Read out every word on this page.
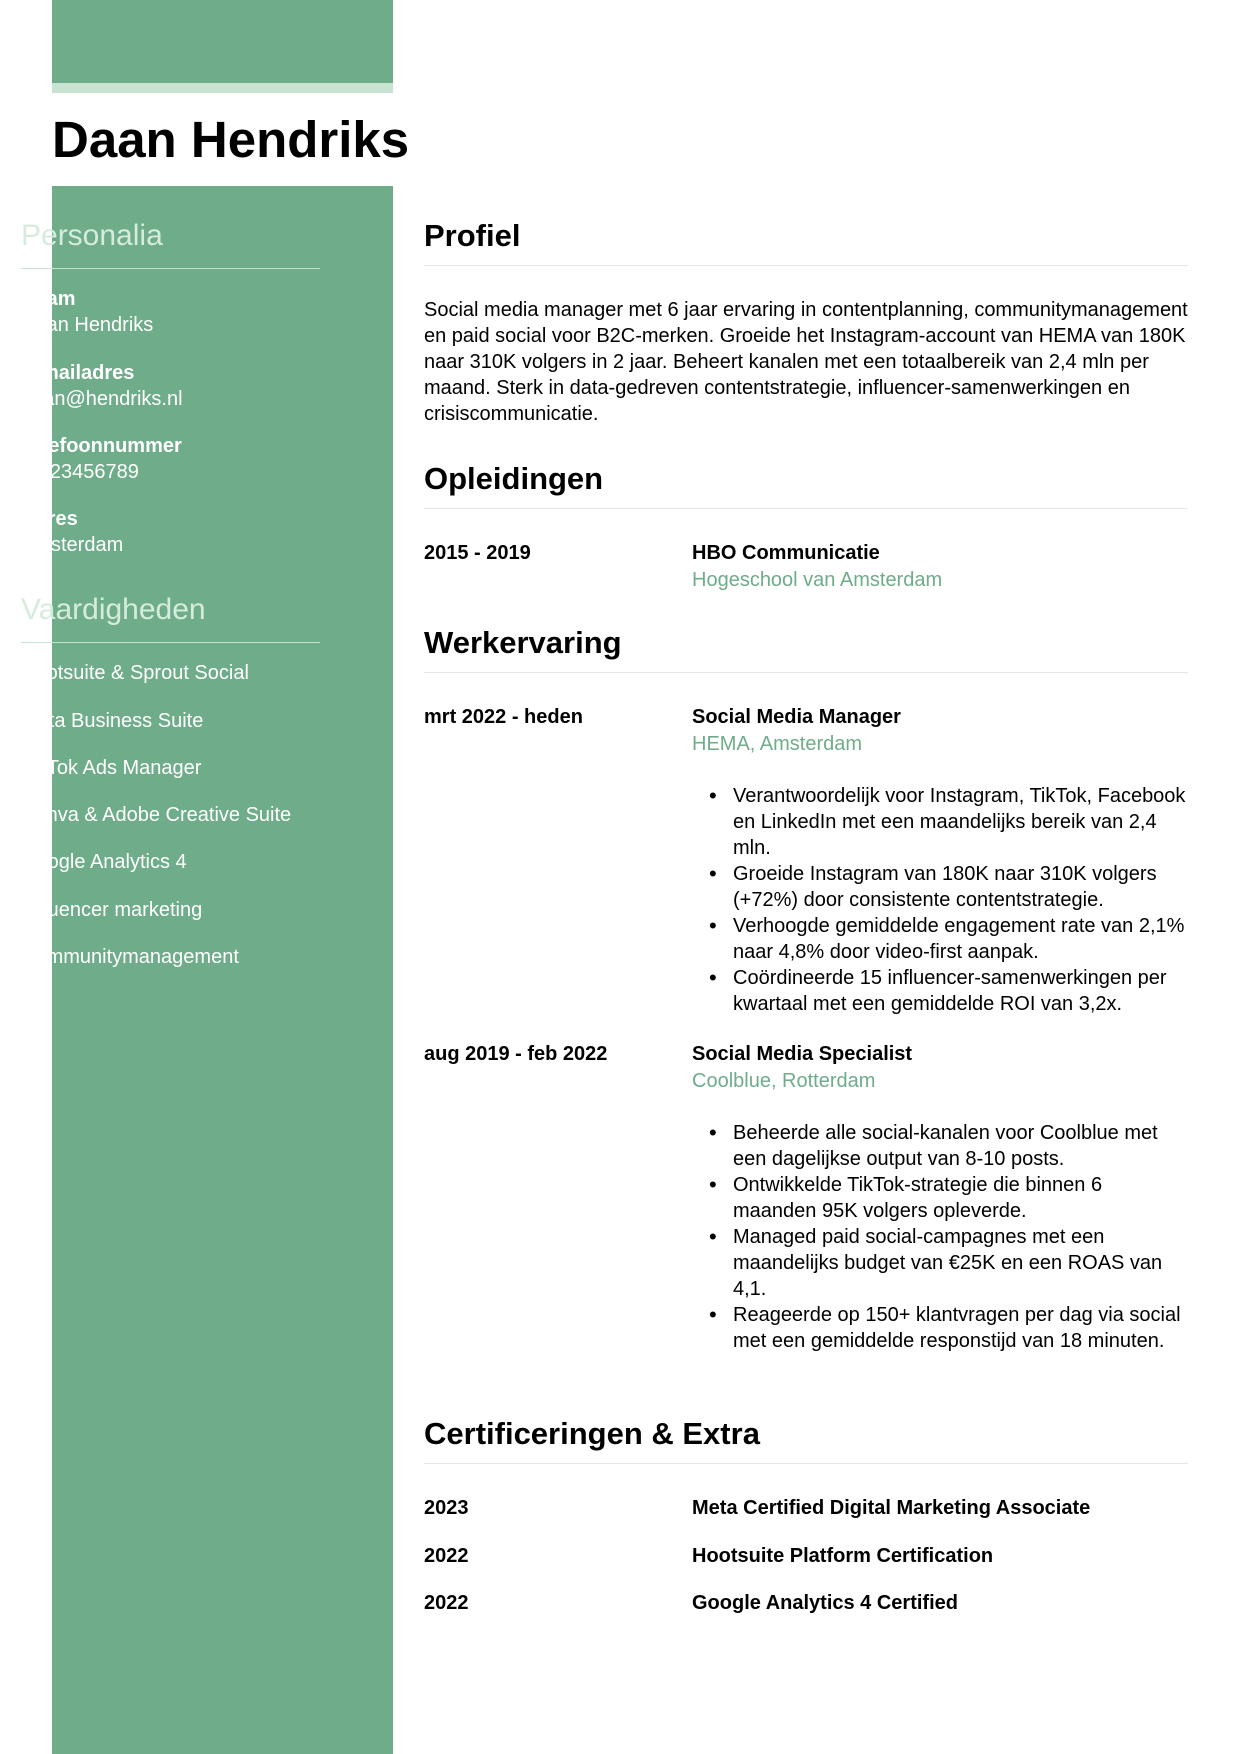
Daan Hendriks
Personalia
Naam
Daan Hendriks
E-mailadres
daan@hendriks.nl
Telefoonnummer
06-23456789
Adres
Amsterdam
Vaardigheden
Hootsuite & Sprout Social
Meta Business Suite
TikTok Ads Manager
Canva & Adobe Creative Suite
Google Analytics 4
Influencer marketing
Communitymanagement
Profiel
Social media manager met 6 jaar ervaring in contentplanning, communitymanagement en paid social voor B2C-merken. Groeide het Instagram-account van HEMA van 180K naar 310K volgers in 2 jaar. Beheert kanalen met een totaalbereik van 2,4 mln per maand. Sterk in data-gedreven contentstrategie, influencer-samenwerkingen en crisiscommunicatie.
Opleidingen
2015 - 2019	HBO Communicatie
Hogeschool van Amsterdam
Werkervaring
mrt 2022 - heden	Social Media Manager
HEMA, Amsterdam
• Verantwoordelijk voor Instagram, TikTok, Facebook en LinkedIn met een maandelijks bereik van 2,4 mln.
• Groeide Instagram van 180K naar 310K volgers (+72%) door consistente contentstrategie.
• Verhoogde gemiddelde engagement rate van 2,1% naar 4,8% door video-first aanpak.
• Coördineerde 15 influencer-samenwerkingen per kwartaal met een gemiddelde ROI van 3,2x.
aug 2019 - feb 2022	Social Media Specialist
Coolblue, Rotterdam
• Beheerde alle social-kanalen voor Coolblue met een dagelijkse output van 8-10 posts.
• Ontwikkelde TikTok-strategie die binnen 6 maanden 95K volgers opleverde.
• Managed paid social-campagnes met een maandelijks budget van €25K en een ROAS van 4,1.
• Reageerde op 150+ klantvragen per dag via social met een gemiddelde responstijd van 18 minuten.
Certificeringen & Extra
2023	Meta Certified Digital Marketing Associate
2022	Hootsuite Platform Certification
2022	Google Analytics 4 Certified
